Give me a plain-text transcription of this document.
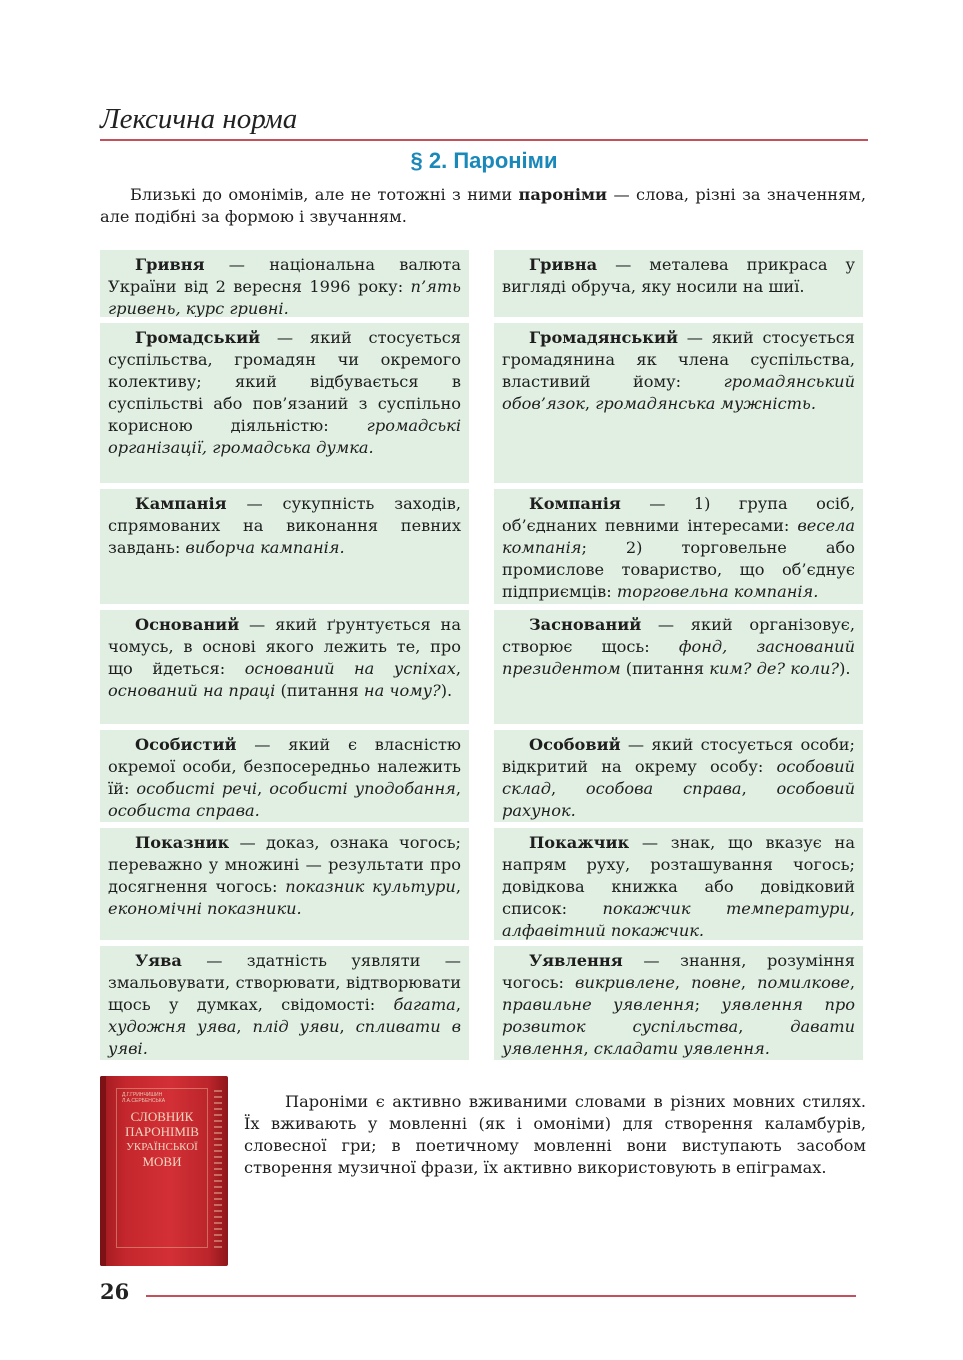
Лексична норма
§ 2. Пароніми

Близькі до омонімів, але не тотожні з ними пароніми — слова, різні за значенням, але подібні за формою і звучанням.

Гривня — національна валюта України від 2 вересня 1996 року: п’ять гривень, курс гривні.
Гривна — металева прикраса у вигляді обруча, яку носили на шиї.
Громадський — який стосується суспільства, громадян чи окремого колективу; який відбувається в суспільстві або пов’язаний з суспільно корисною діяльністю: громадські організації, громадська думка.
Громадянський — який стосується громадянина як члена суспільства, властивий йому: громадянський обов’язок, громадянська мужність.
Кампанія — сукупність заходів, спрямованих на виконання певних завдань: виборча кампанія.
Компанія — 1) група осіб, об’єднаних певними інтересами: весела компанія; 2) торговельне або промислове товариство, що об’єднує підприємців: торговельна компанія.
Оснований — який ґрунтується на чомусь, в основі якого лежить те, про що йдеться: оснований на успіхах, оснований на праці (питання на чому?).
Заснований — який організовує, створює щось: фонд, заснований президентом (питання ким? де? коли?).
Особистий — який є власністю окремої особи, безпосередньо належить їй: особисті речі, особисті уподобання, особиста справа.
Особовий — який стосується особи; відкритий на окрему особу: особовий склад, особова справа, особовий рахунок.
Показник — доказ, ознака чогось; переважно у множині — результати про досягнення чогось: показник культури, економічні показники.
Покажчик — знак, що вказує на напрям руху, розташування чогось; довідкова книжка або довідковий список: покажчик температури, алфавітний покажчик.
Уява — здатність уявляти — змальовувати, створювати, відтворювати щось у думках, свідомості: багата, художня уява, плід уяви, спливати в уяві.
Уявлення — знання, розуміння чогось: викривлене, повне, помилкове, правильне уявлення; уявлення про розвиток суспільства, давати уявлення, складати уявлення.
Д.Г.ГРИНЧИШИН Л.А.СЕРБЕНСЬКА
СЛОВНИК
ПАРОНІМІВ
УКРАЇНСЬКОЇ
МОВИ

Пароніми є активно вживаними словами в різних мовних стилях. Їх вживають у мовленні (як і омоніми) для створення каламбурів, словесної гри; в поетичному мовленні вони виступають засобом створення музичної фрази, їх активно використовують в епіграмах.

26
